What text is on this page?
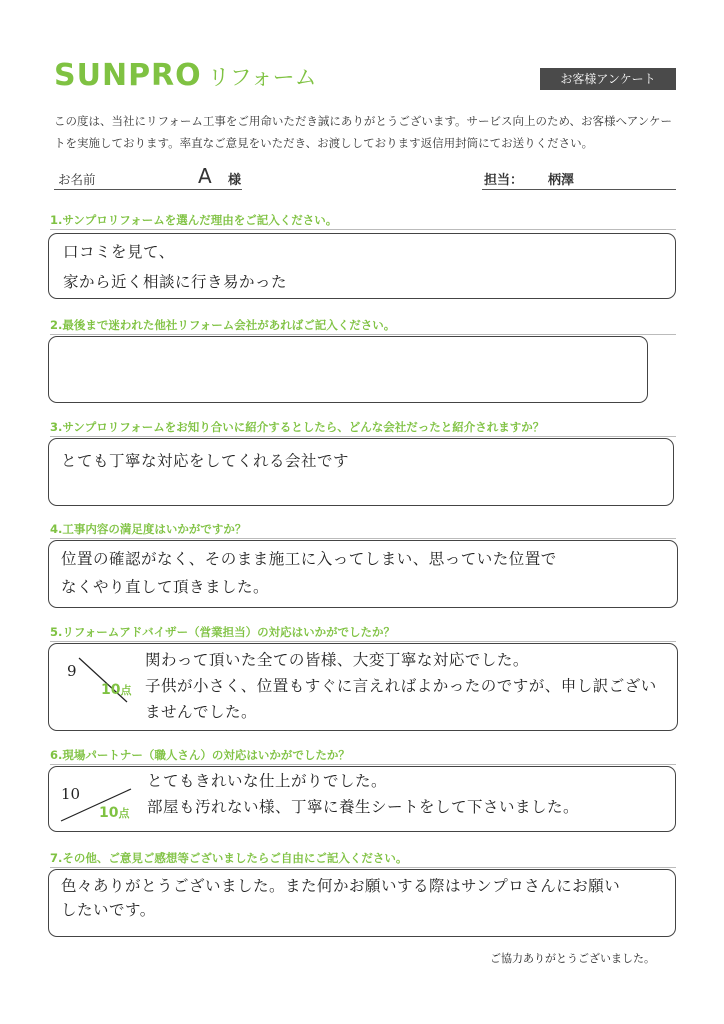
SUNPRO リフォーム	お客様アンケート
この度は、当社にリフォーム工事をご用命いただき誠にありがとうございます。サービス向上のため、お客様へアンケー
トを実施しております。率直なご意見をいただき、お渡ししております返信用封筒にてお送りください。
お名前	A 様	担当： 柄澤
1.サンプロリフォームを選んだ理由をご記入ください。
口コミを見て、
家から近く相談に行き易かった
2.最後まで迷われた他社リフォーム会社があればご記入ください。
3.サンプロリフォームをお知り合いに紹介するとしたら、どんな会社だったと紹介されますか？
とても丁寧な対応をしてくれる会社です
4.工事内容の満足度はいかがですか？
位置の確認がなく、そのまま施工に入ってしまい、思っていた位置で
なくやり直して頂きました。
5.リフォームアドバイザー（営業担当）の対応はいかがでしたか？
9
10点
関わって頂いた全ての皆様、大変丁寧な対応でした。
子供が小さく、位置もすぐに言えればよかったのですが、申し訳ござい
ませんでした。
6.現場パートナー（職人さん）の対応はいかがでしたか？
10
10点
とてもきれいな仕上がりでした。
部屋も汚れない様、丁寧に養生シートをして下さいました。
7.その他、ご意見ご感想等ございましたらご自由にご記入ください。
色々ありがとうございました。また何かお願いする際はサンプロさんにお願い
したいです。
ご協力ありがとうございました。
